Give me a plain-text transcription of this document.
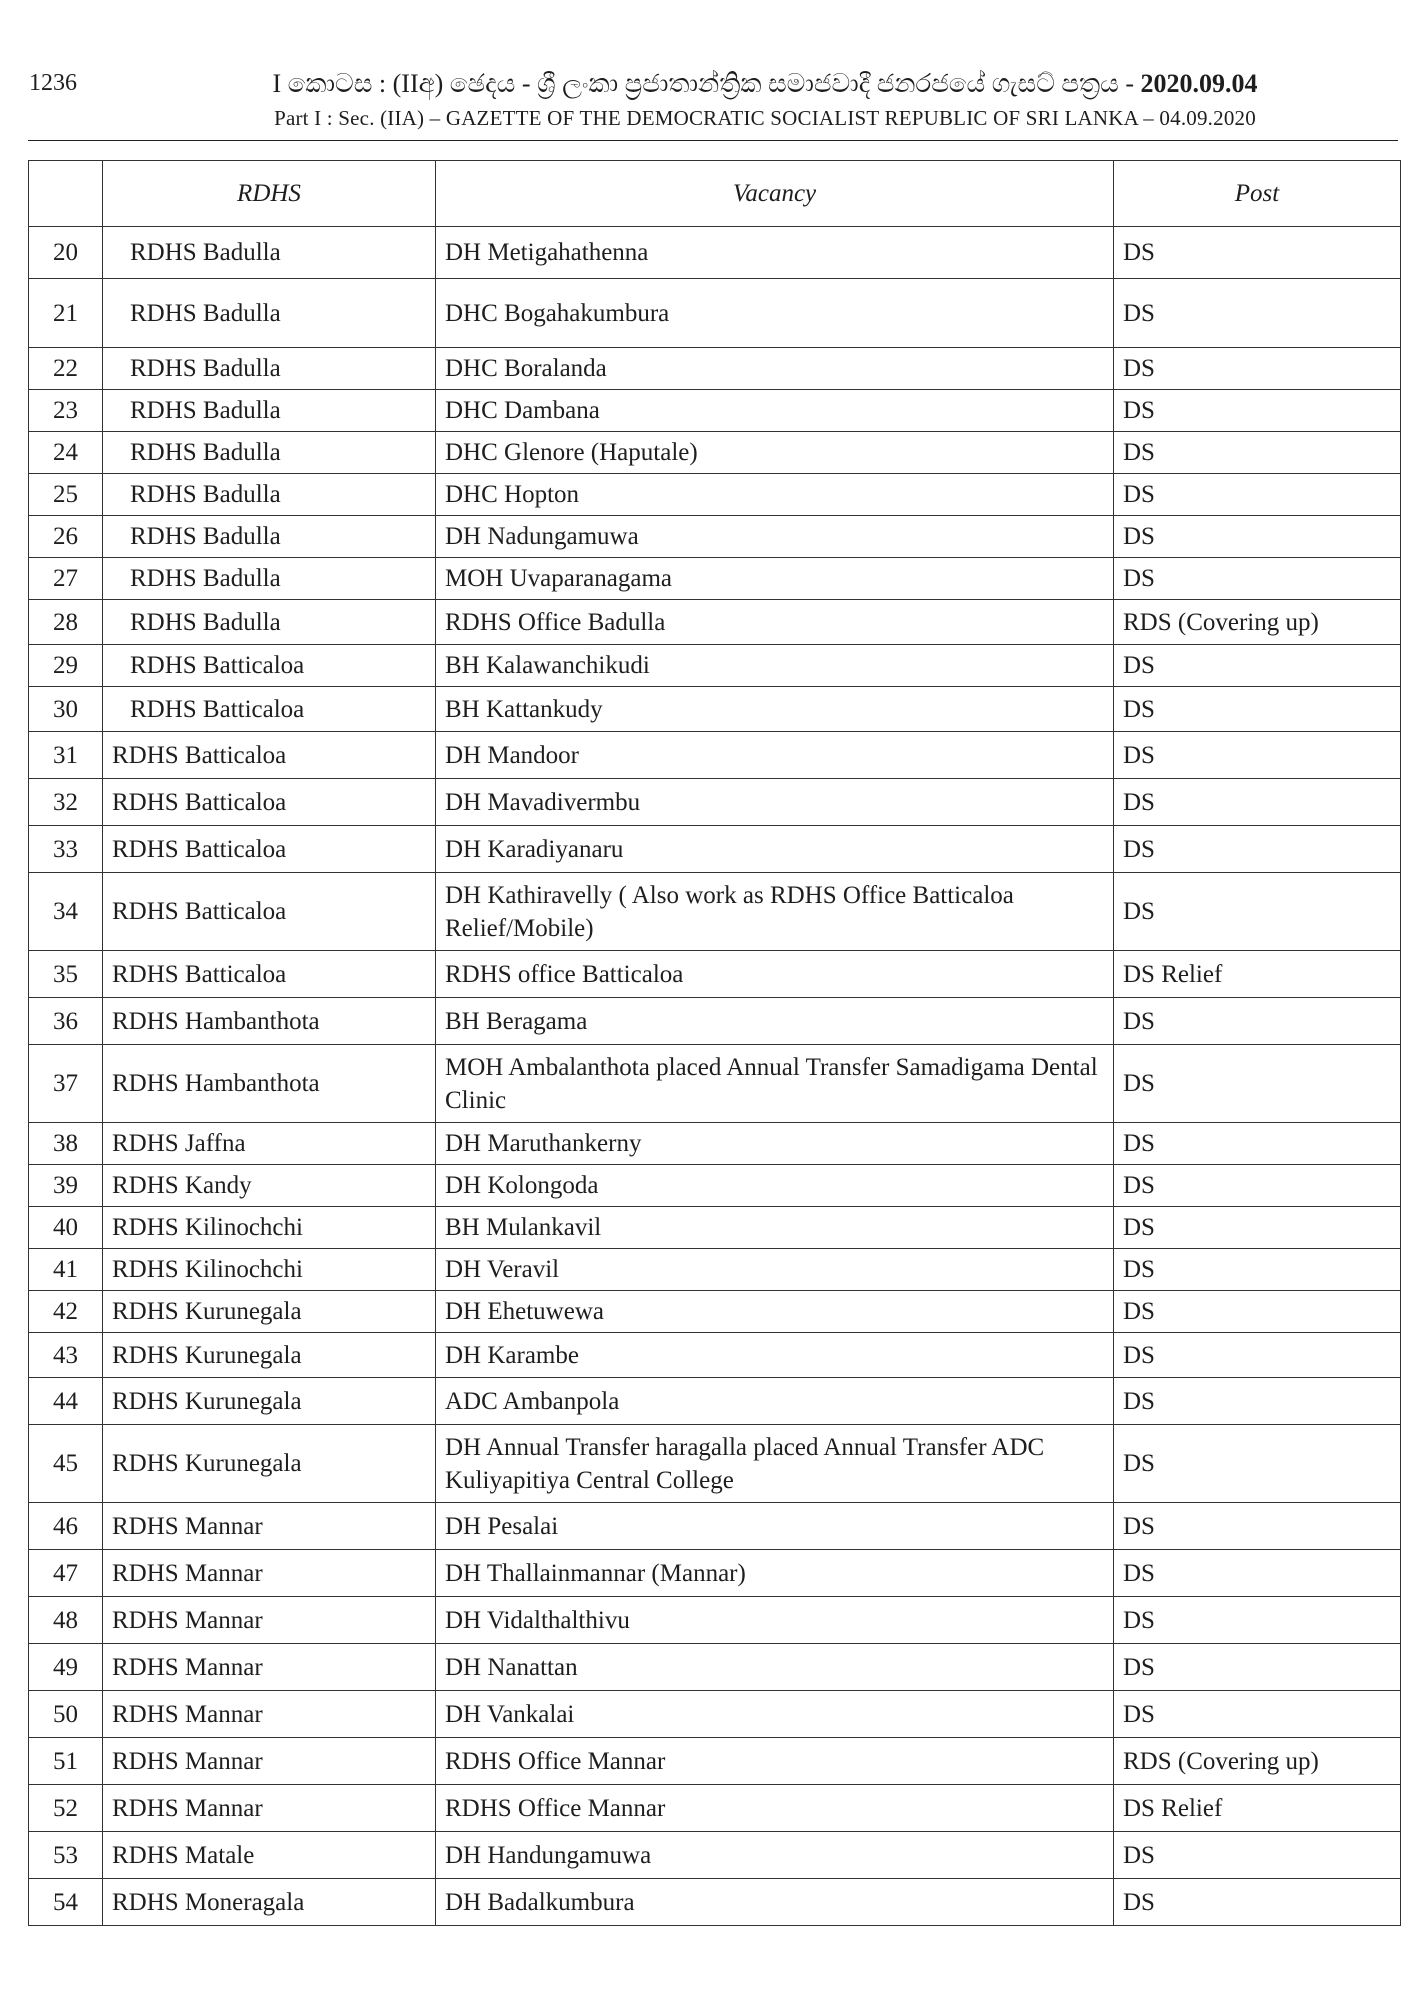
1236	I කොටස : (IIඅ) ඡෙදය - ශ්‍රී ලංකා ප්‍රජාතාන්ත්‍රික සමාජවාදී ජනරජයේ ගැසට් පත්‍රය - 2020.09.04
Part I : Sec. (IIA) – GAZETTE OF THE DEMOCRATIC SOCIALIST REPUBLIC OF SRI LANKA – 04.09.2020
	RDHS	Vacancy	Post
20	RDHS Badulla	DH Metigahathenna	DS
21	RDHS Badulla	DHC Bogahakumbura	DS
22	RDHS Badulla	DHC Boralanda	DS
23	RDHS Badulla	DHC Dambana	DS
24	RDHS Badulla	DHC Glenore (Haputale)	DS
25	RDHS Badulla	DHC Hopton	DS
26	RDHS Badulla	DH Nadungamuwa	DS
27	RDHS Badulla	MOH Uvaparanagama	DS
28	RDHS Badulla	RDHS Office Badulla	RDS (Covering up)
29	RDHS Batticaloa	BH Kalawanchikudi	DS
30	RDHS Batticaloa	BH Kattankudy	DS
31	RDHS Batticaloa	DH Mandoor	DS
32	RDHS Batticaloa	DH Mavadivermbu	DS
33	RDHS Batticaloa	DH Karadiyanaru	DS
34	RDHS Batticaloa	DH Kathiravelly ( Also work as RDHS Office Batticaloa Relief/Mobile)	DS
35	RDHS Batticaloa	RDHS office Batticaloa	DS Relief
36	RDHS Hambanthota	BH Beragama	DS
37	RDHS Hambanthota	MOH Ambalanthota placed Annual Transfer Samadigama Dental Clinic	DS
38	RDHS Jaffna	DH Maruthankerny	DS
39	RDHS Kandy	DH Kolongoda	DS
40	RDHS Kilinochchi	BH Mulankavil	DS
41	RDHS Kilinochchi	DH Veravil	DS
42	RDHS Kurunegala	DH Ehetuwewa	DS
43	RDHS Kurunegala	DH Karambe	DS
44	RDHS Kurunegala	ADC Ambanpola	DS
45	RDHS Kurunegala	DH Annual Transfer haragalla placed Annual Transfer ADC Kuliyapitiya Central College	DS
46	RDHS Mannar	DH Pesalai	DS
47	RDHS Mannar	DH Thallainmannar (Mannar)	DS
48	RDHS Mannar	DH Vidalthalthivu	DS
49	RDHS Mannar	DH Nanattan	DS
50	RDHS Mannar	DH Vankalai	DS
51	RDHS Mannar	RDHS Office Mannar	RDS (Covering up)
52	RDHS Mannar	RDHS Office Mannar	DS Relief
53	RDHS Matale	DH Handungamuwa	DS
54	RDHS Moneragala	DH Badalkumbura	DS
